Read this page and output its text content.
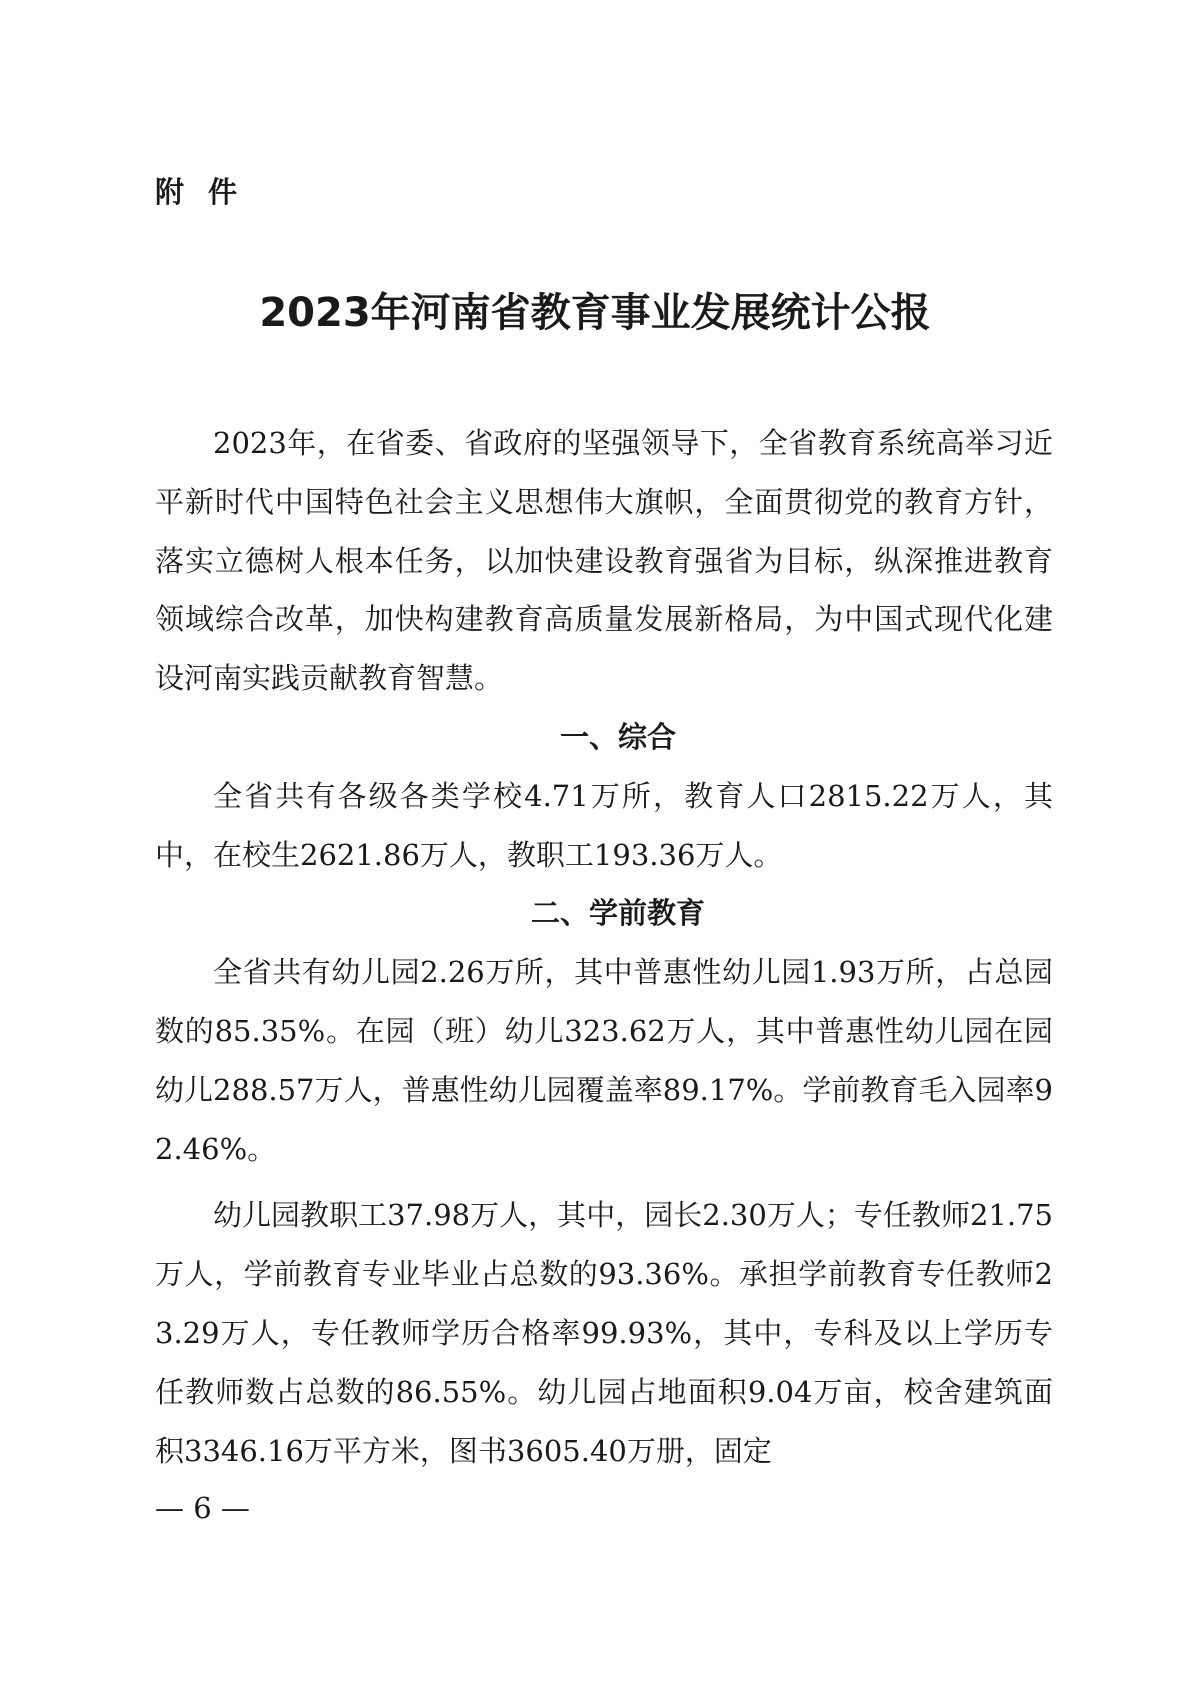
附件
2023年河南省教育事业发展统计公报

2023年，在省委、省政府的坚强领导下，全省教育系统高举习近平新时代中国特色社会主义思想伟大旗帜，全面贯彻党的教育方针，落实立德树人根本任务，以加快建设教育强省为目标，纵深推进教育领域综合改革，加快构建教育高质量发展新格局，为中国式现代化建设河南实践贡献教育智慧。

一、综合

全省共有各级各类学校4.71万所，教育人口2815.22万人，其中，在校生2621.86万人，教职工193.36万人。

二、学前教育

全省共有幼儿园2.26万所，其中普惠性幼儿园1.93万所，占总园数的85.35%。在园（班）幼儿323.62万人，其中普惠性幼儿园在园幼儿288.57万人，普惠性幼儿园覆盖率89.17%。学前教育毛入园率92.46%。

幼儿园教职工37.98万人，其中，园长2.30万人；专任教师21.75万人，学前教育专业毕业占总数的93.36%。承担学前教育专任教师23.29万人，专任教师学历合格率99.93%，其中，专科及以上学历专任教师数占总数的86.55%。幼儿园占地面积9.04万亩，校舍建筑面积3346.16万平方米，图书3605.40万册，固定

— 6 —
